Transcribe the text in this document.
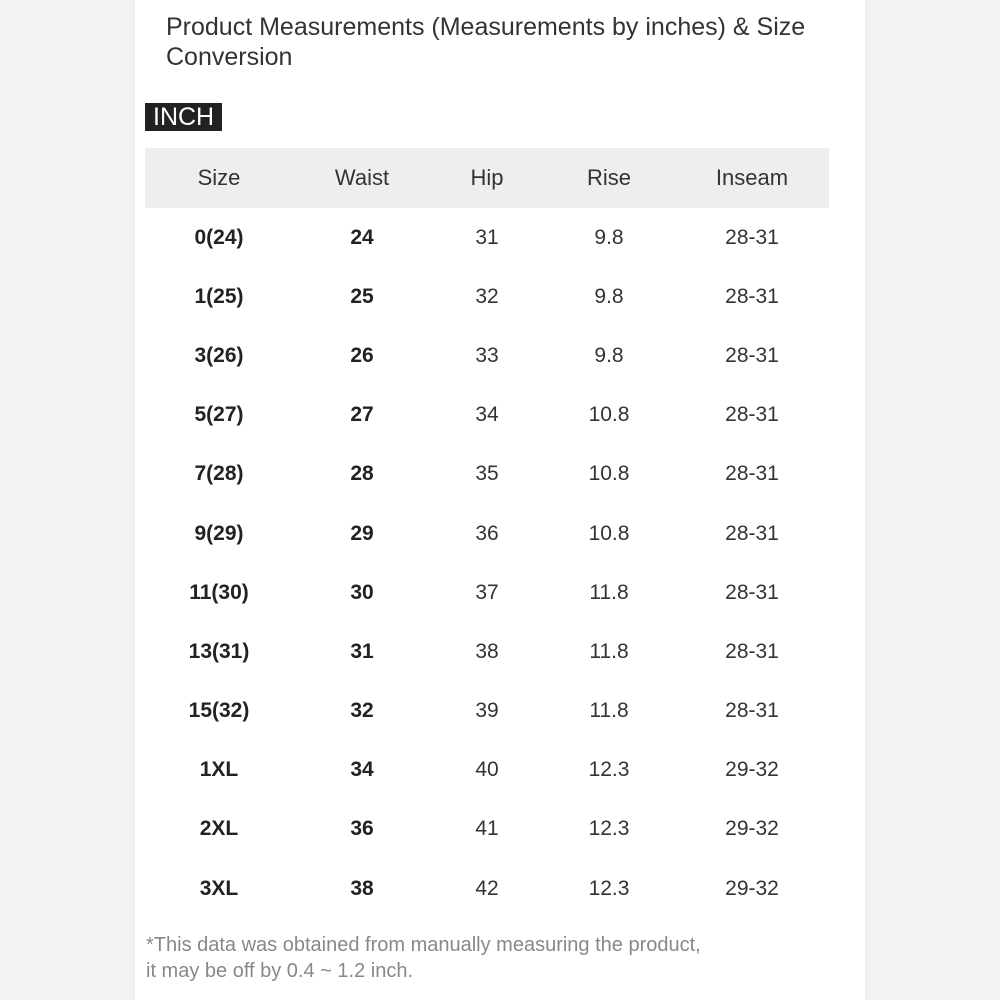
Product Measurements (Measurements by inches) & Size Conversion
INCH
Size	Waist	Hip	Rise	Inseam
0(24)	24	31	9.8	28-31
1(25)	25	32	9.8	28-31
3(26)	26	33	9.8	28-31
5(27)	27	34	10.8	28-31
7(28)	28	35	10.8	28-31
9(29)	29	36	10.8	28-31
11(30)	30	37	11.8	28-31
13(31)	31	38	11.8	28-31
15(32)	32	39	11.8	28-31
1XL	34	40	12.3	29-32
2XL	36	41	12.3	29-32
3XL	38	42	12.3	29-32

*This data was obtained from manually measuring the product,
it may be off by 0.4 ~ 1.2 inch.
